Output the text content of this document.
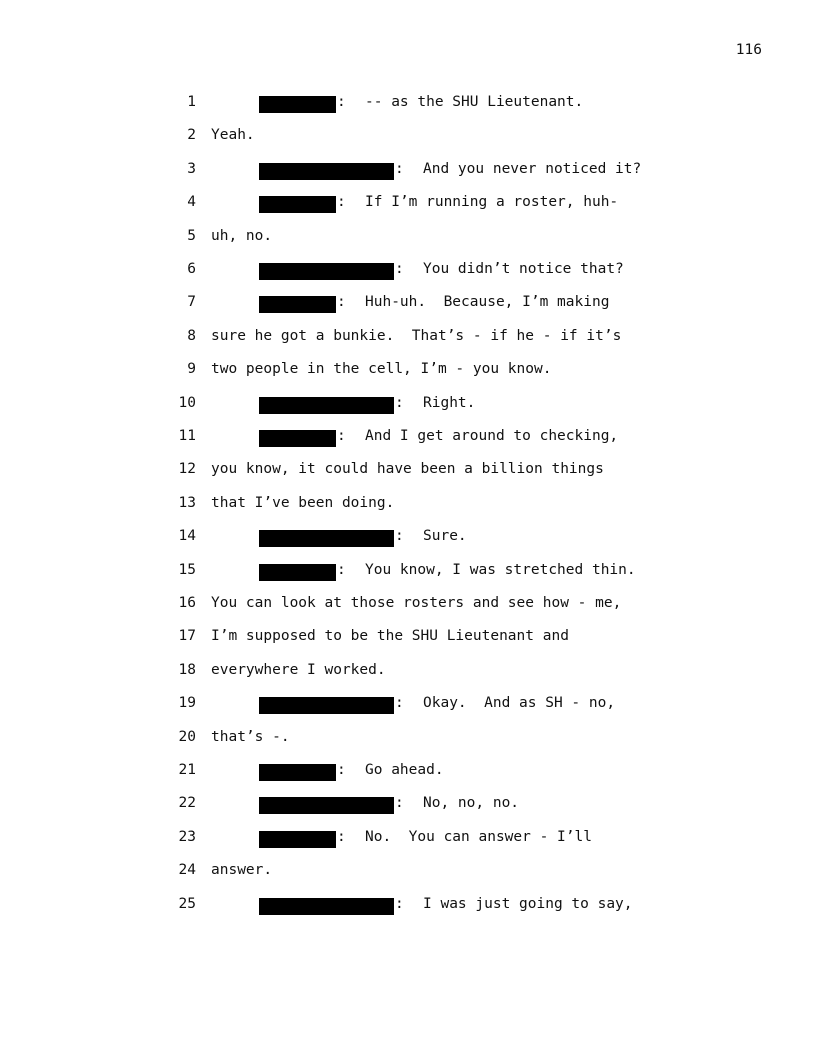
116
1	: -- as the SHU Lieutenant.
2 Yeah.
3	: And you never noticed it?
4	: If I’m running a roster, huh-
5 uh, no.
6	: You didn’t notice that?
7	: Huh-uh.  Because, I’m making
8 sure he got a bunkie.  That’s - if he - if it’s
9 two people in the cell, I’m - you know.
10	: Right.
11	: And I get around to checking,
12 you know, it could have been a billion things
13 that I’ve been doing.
14	: Sure.
15	: You know, I was stretched thin.
16 You can look at those rosters and see how - me,
17 I’m supposed to be the SHU Lieutenant and
18 everywhere I worked.
19	: Okay.  And as SH - no,
20 that’s -.
21	: Go ahead.
22	: No, no, no.
23	: No.  You can answer - I’ll
24 answer.
25	: I was just going to say,
